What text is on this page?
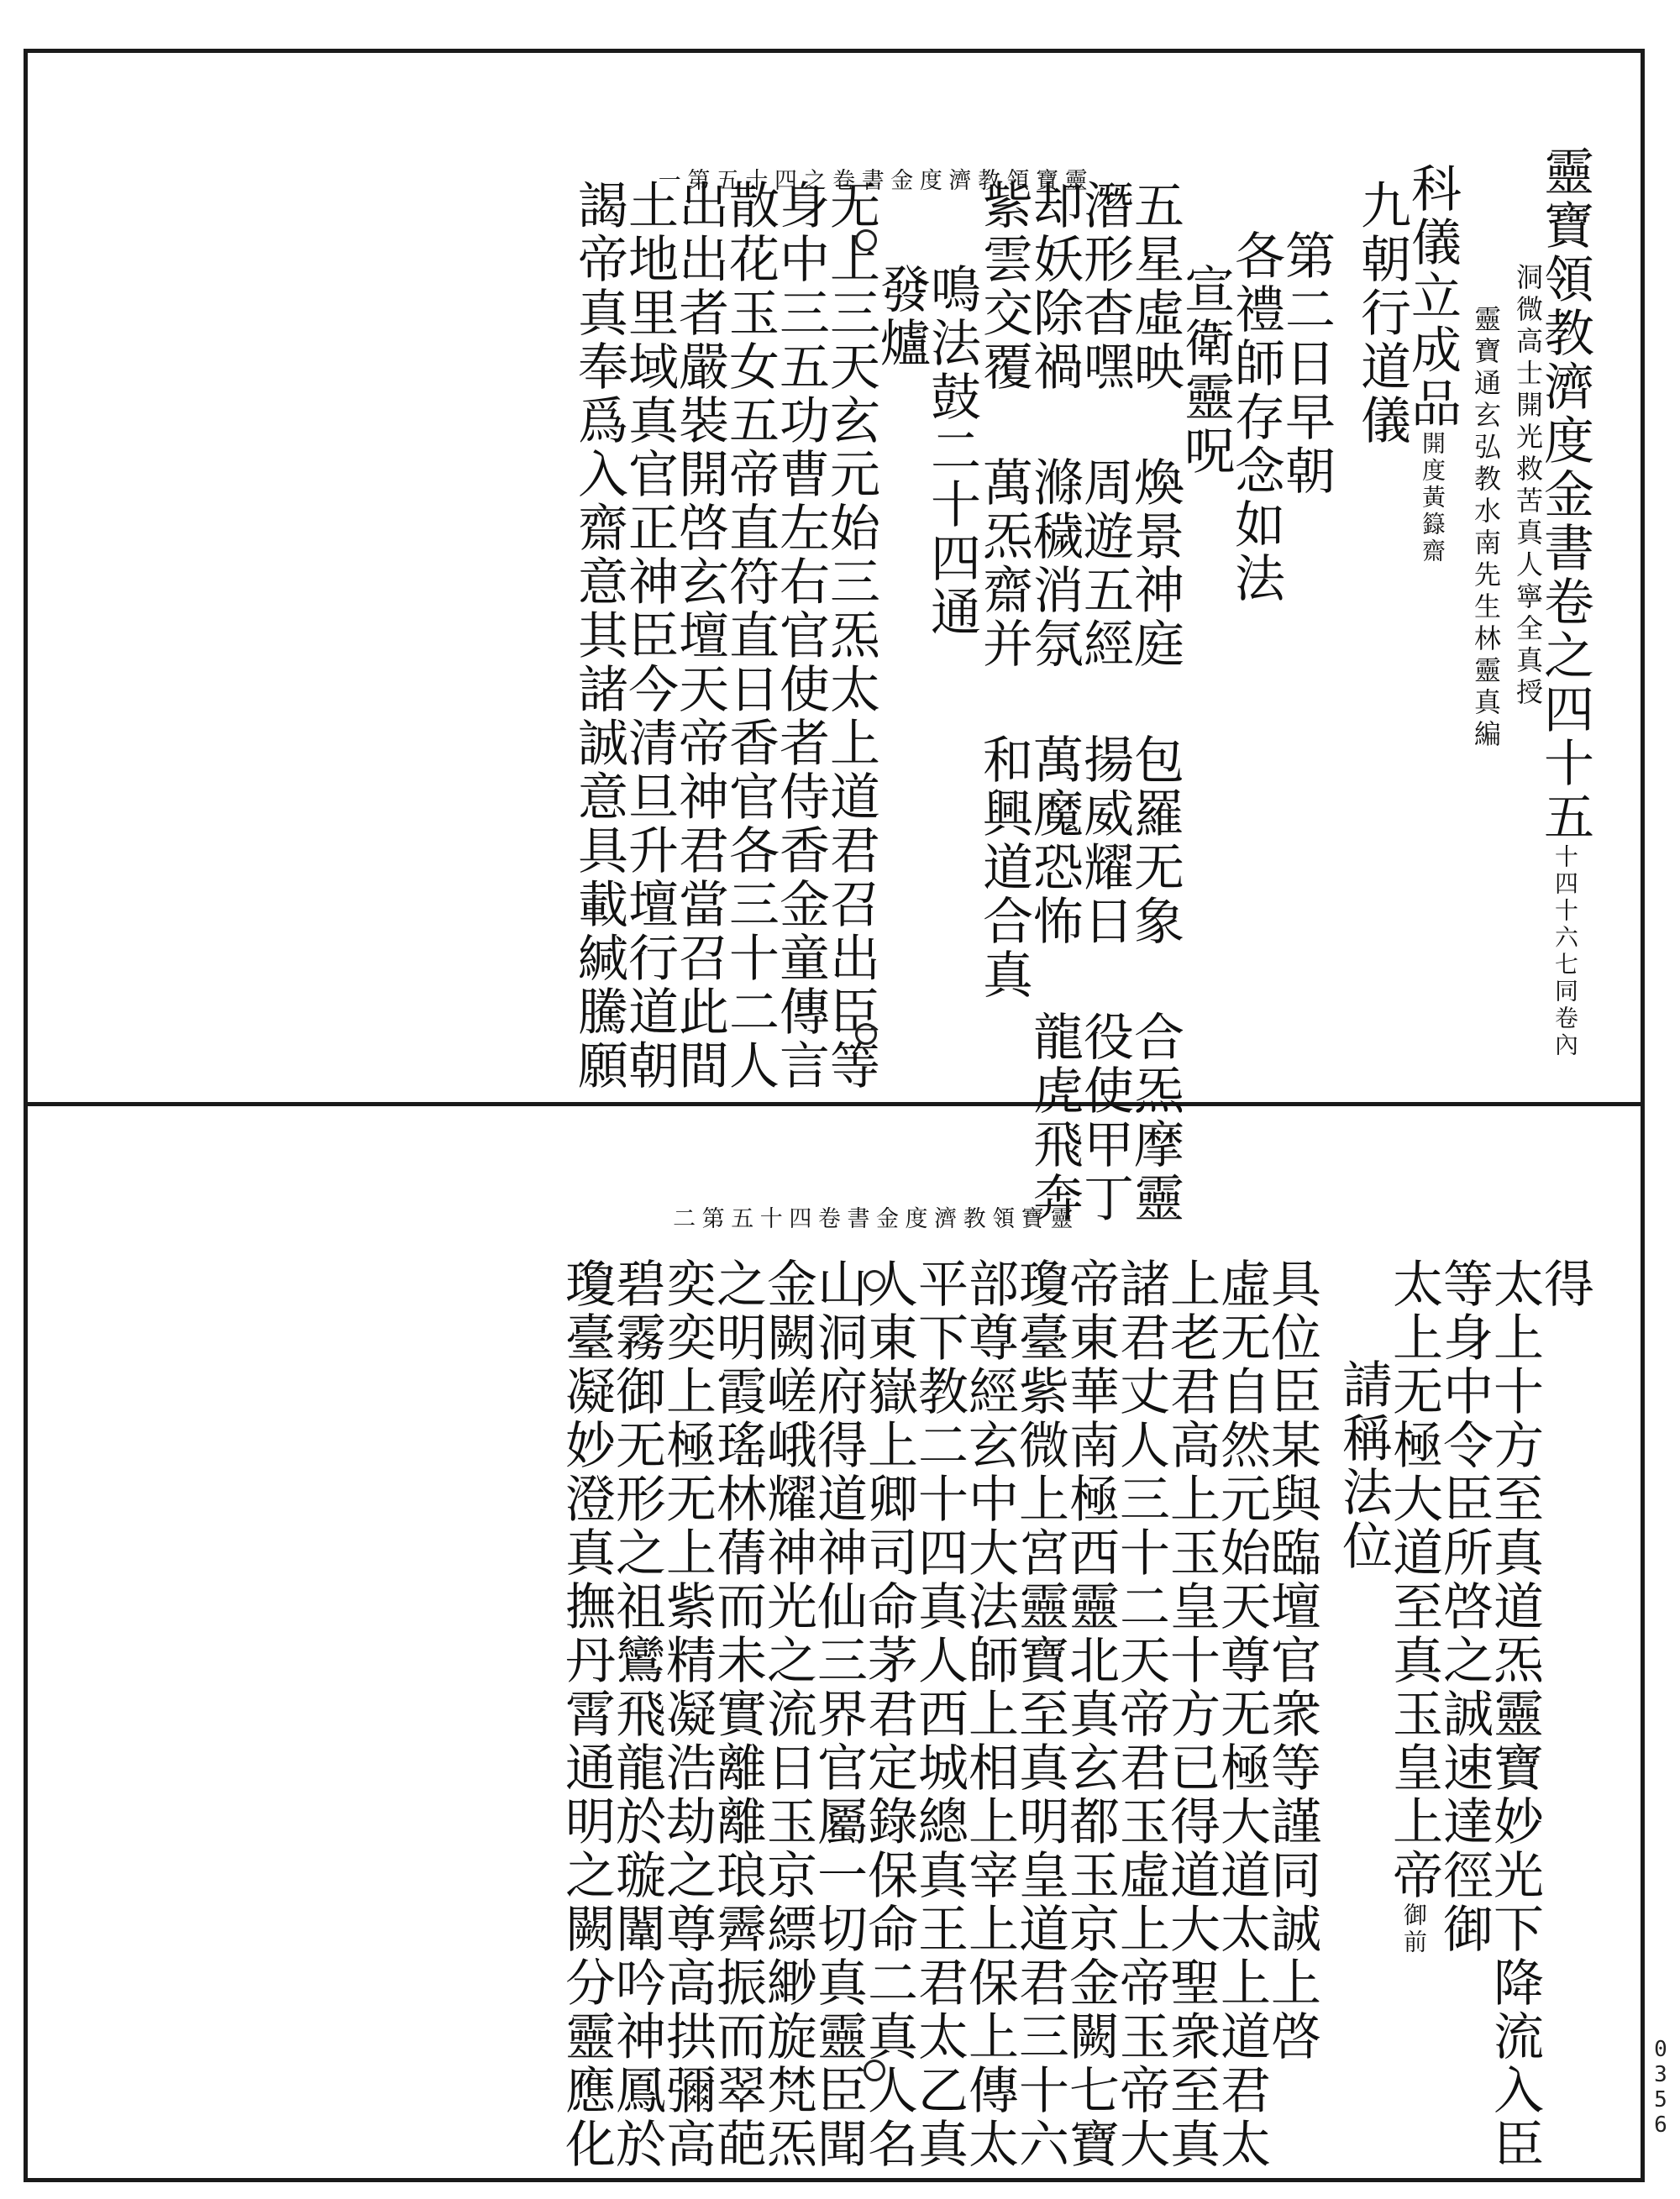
靈寶領教濟度金書卷之四十五第一	靈寶領教濟度金書卷之四十五十四十六七同卷內
洞微高士開光救苦真人寧全真授
靈寶通玄弘教水南先生林靈真編
科儀立成品開度黃籙齋
九朝行道儀
第二日早朝
各禮師存念如法
宣衛靈呪
五星虛映 煥景神庭 包羅无象 合炁摩靈
潛形杳嘿 周遊五經 揚威耀日 役使甲丁
却妖除禍 滌穢消氛 萬魔恐怖 龍虎飛奔
紫雲交覆 萬炁齋并 和興道合真
鳴法鼓二十四通
發爐
无上三天玄元始三炁太上道君召出臣等
身中三五功曹左右官使者侍香金童傳言
散花玉女五帝直符直日香官各三十二人
出出者嚴裝開啓玄壇天帝神君當召此間
土地里域真官正神臣今清旦升壇行道朝
謁帝真奉爲入齋意其諸誠意具載緘騰願
靈寶領教濟度金書卷四十五第二
得
太上十方至真道炁靈寶妙光下降流入臣
等身中令臣所啓之誠速達徑御
太上无極大道至真玉皇上帝御前
請稱法位
具位臣某與臨壇官衆等謹同誠上啓
虛无自然元始天尊无極大道太上道君太
上老君高上玉皇十方已得道大聖衆至真
諸君丈人三十二天帝君玉虛上帝玉帝大
帝東華南極西靈北真玄都玉京金闕七寶
瓊臺紫微上宮靈寶至真明皇道君三十六
部尊經玄中大法師上相上宰上保上傳太
平下教二十四真人西城總真王君太乙真
人東嶽上卿司命茅君定錄保命二真人名
山洞府得道神仙三界官屬一切真靈臣聞
金闕嵯峨耀神光之流日玉京縹緲旋梵炁
之明霞瑤林蒨而未實離離琅霽振而翠葩
奕奕上極无上紫精凝浩劫之尊高拱彌高
碧霧御无形之祖鸞飛龍於璇闈吟神鳳於
瓊臺凝妙澄真撫丹霄通明之闕分靈應化	0356
